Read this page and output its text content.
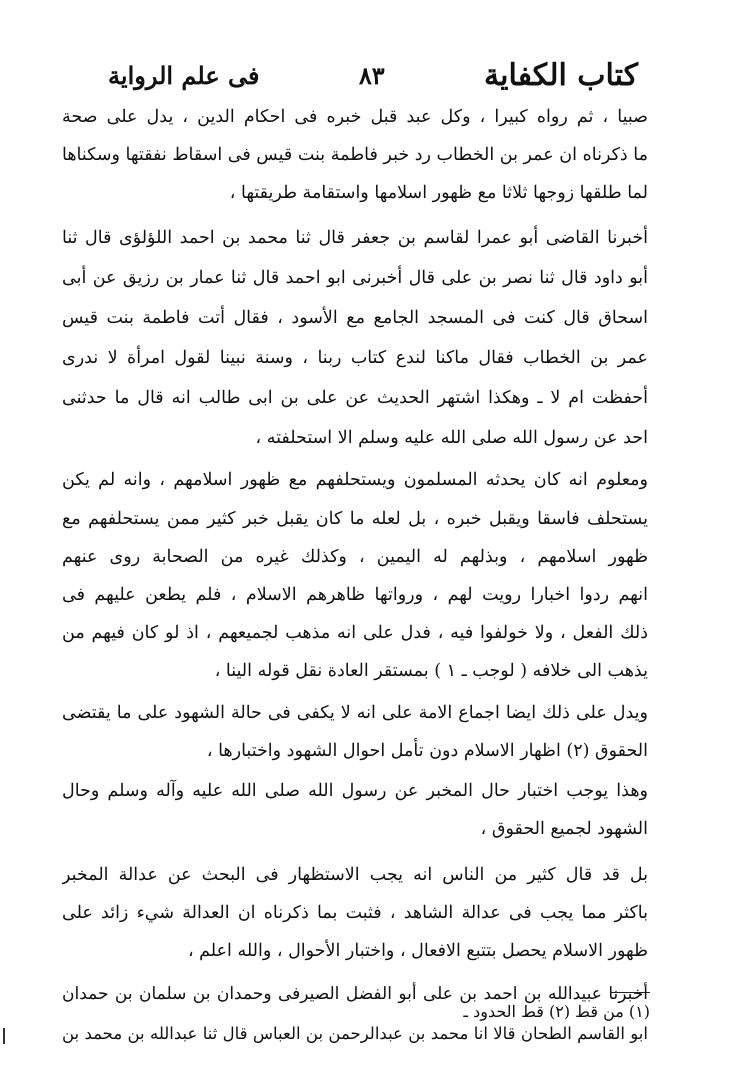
كتاب الكفاية
٨٣
فى علم الرواية
صبيا ، ثم رواه كبيرا ، وكل عبد قبل خبره فى احكام الدين ، يدل على صحة
ما ذكرناه ان عمر بن الخطاب رد خبر فاطمة بنت قيس فى اسقاط نفقتها وسكناها
لما طلقها زوجها ثلاثا مع ظهور اسلامها واستقامة طريقتها ،
أخبرنا القاضى أبو عمرا لقاسم بن جعفر قال ثنا محمد بن احمد اللؤلؤى قال ثنا
أبو داود قال ثنا نصر بن على قال أخبرنى ابو احمد قال ثنا عمار بن رزيق عن أبى
اسحاق قال كنت فى المسجد الجامع مع الأسود ، فقال أتت فاطمة بنت قيس
عمر بن الخطاب فقال ماكنا لندع كتاب ربنا ، وسنة نبينا لقول امرأة لا ندرى
أحفظت ام لا ـ وهكذا اشتهر الحديث عن على بن ابى طالب انه قال ما حدثنى
احد عن رسول الله صلى الله عليه وسلم الا استحلفته ،
ومعلوم انه كان يحدثه المسلمون ويستحلفهم مع ظهور اسلامهم ، وانه لم يكن
يستحلف فاسقا ويقبل خبره ، بل لعله ما كان يقبل خبر كثير ممن يستحلفهم مع
ظهور اسلامهم ، وبذلهم له اليمين ، وكذلك غيره من الصحابة روى عنهم
انهم ردوا اخبارا رويت لهم ، ورواتها ظاهرهم الاسلام ، فلم يطعن عليهم فى
ذلك الفعل ، ولا خولفوا فيه ، فدل على انه مذهب لجميعهم ، اذ لو كان فيهم من
يذهب الى خلافه ( لوجب ـ ١ ) بمستقر العادة نقل قوله الينا ،
ويدل على ذلك ايضا اجماع الامة على انه لا يكفى فى حالة الشهود على ما يقتضى
الحقوق (٢) اظهار الاسلام دون تأمل احوال الشهود واختبارها ،
وهذا يوجب اختبار حال المخبر عن رسول الله صلى الله عليه وآله وسلم وحال
الشهود لجميع الحقوق ،
بل قد قال كثير من الناس انه يجب الاستظهار فى البحث عن عدالة المخبر
باكثر مما يجب فى عدالة الشاهد ، فثبت بما ذكرناه ان العدالة شيء زائد على
ظهور الاسلام يحصل بتتبع الافعال ، واختبار الأحوال ، والله اعلم ،
أخبرنا عبيدالله بن احمد بن على أبو الفضل الصيرفى وحمدان بن سلمان بن حمدان
ابو القاسم الطحان قالا انا محمد بن عبدالرحمن بن العباس قال ثنا عبدالله بن محمد بن
(١) من قط (٢) قط الحدود ـ
